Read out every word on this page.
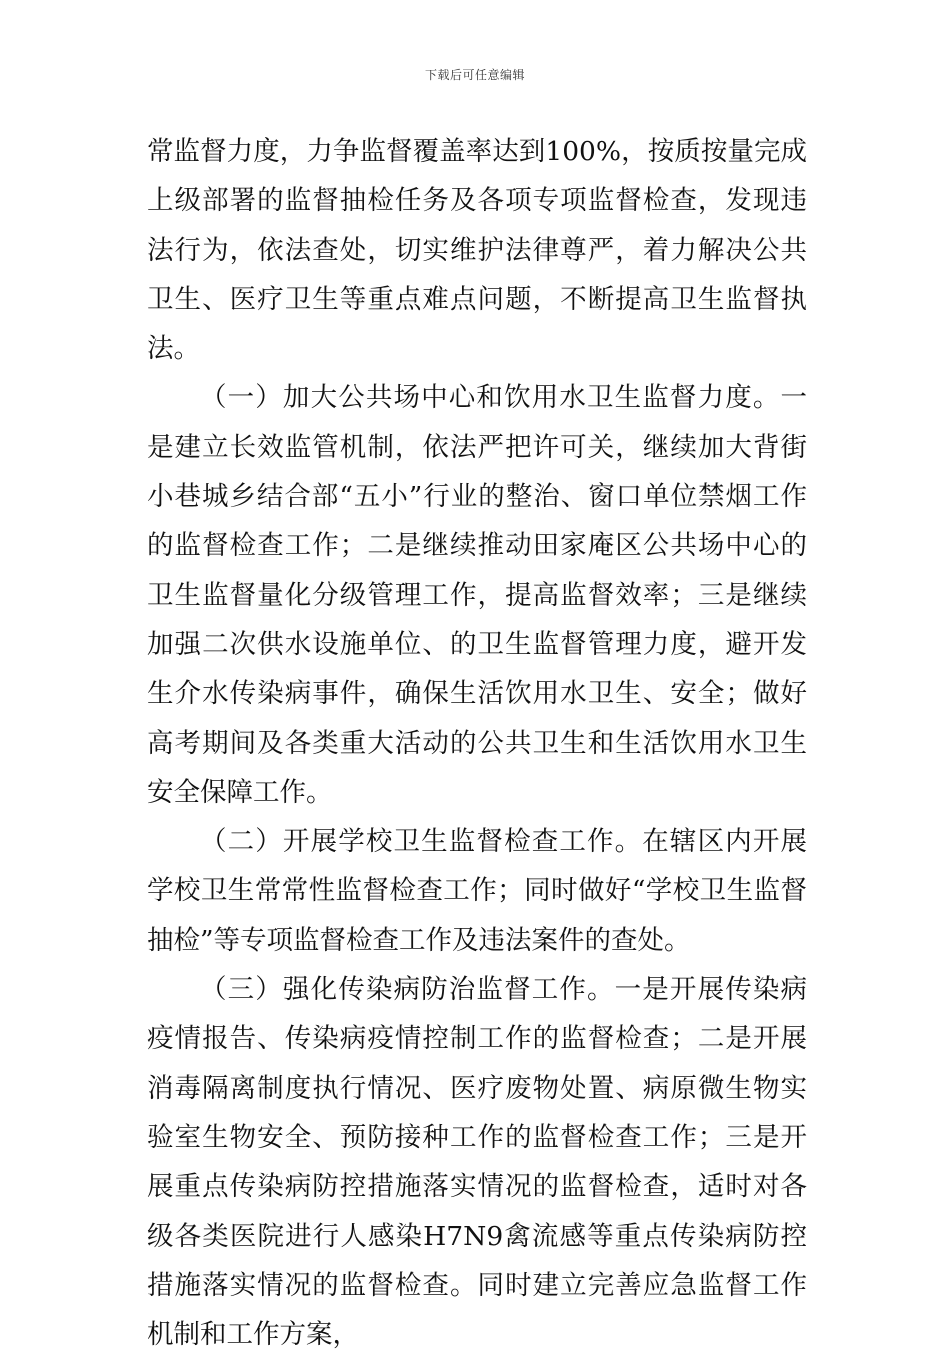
下载后可任意编辑

常监督力度，力争监督覆盖率达到100%，按质按量完成上级部署的监督抽检任务及各项专项监督检查，发现违法行为，依法查处，切实维护法律尊严，着力解决公共卫生、医疗卫生等重点难点问题，不断提高卫生监督执法。

（一）加大公共场中心和饮用水卫生监督力度。一是建立长效监管机制，依法严把许可关，继续加大背街小巷城乡结合部“五小”行业的整治、窗口单位禁烟工作的监督检查工作；二是继续推动田家庵区公共场中心的卫生监督量化分级管理工作，提高监督效率；三是继续加强二次供水设施单位、的卫生监督管理力度，避开发生介水传染病事件，确保生活饮用水卫生、安全；做好高考期间及各类重大活动的公共卫生和生活饮用水卫生安全保障工作。

（二）开展学校卫生监督检查工作。在辖区内开展学校卫生常常性监督检查工作；同时做好“学校卫生监督抽检”等专项监督检查工作及违法案件的查处。

（三）强化传染病防治监督工作。一是开展传染病疫情报告、传染病疫情控制工作的监督检查；二是开展消毒隔离制度执行情况、医疗废物处置、病原微生物实验室生物安全、预防接种工作的监督检查工作；三是开展重点传染病防控措施落实情况的监督检查，适时对各级各类医院进行人感染H7N9禽流感等重点传染病防控措施落实情况的监督检查。同时建立完善应急监督工作机制和工作方案，
